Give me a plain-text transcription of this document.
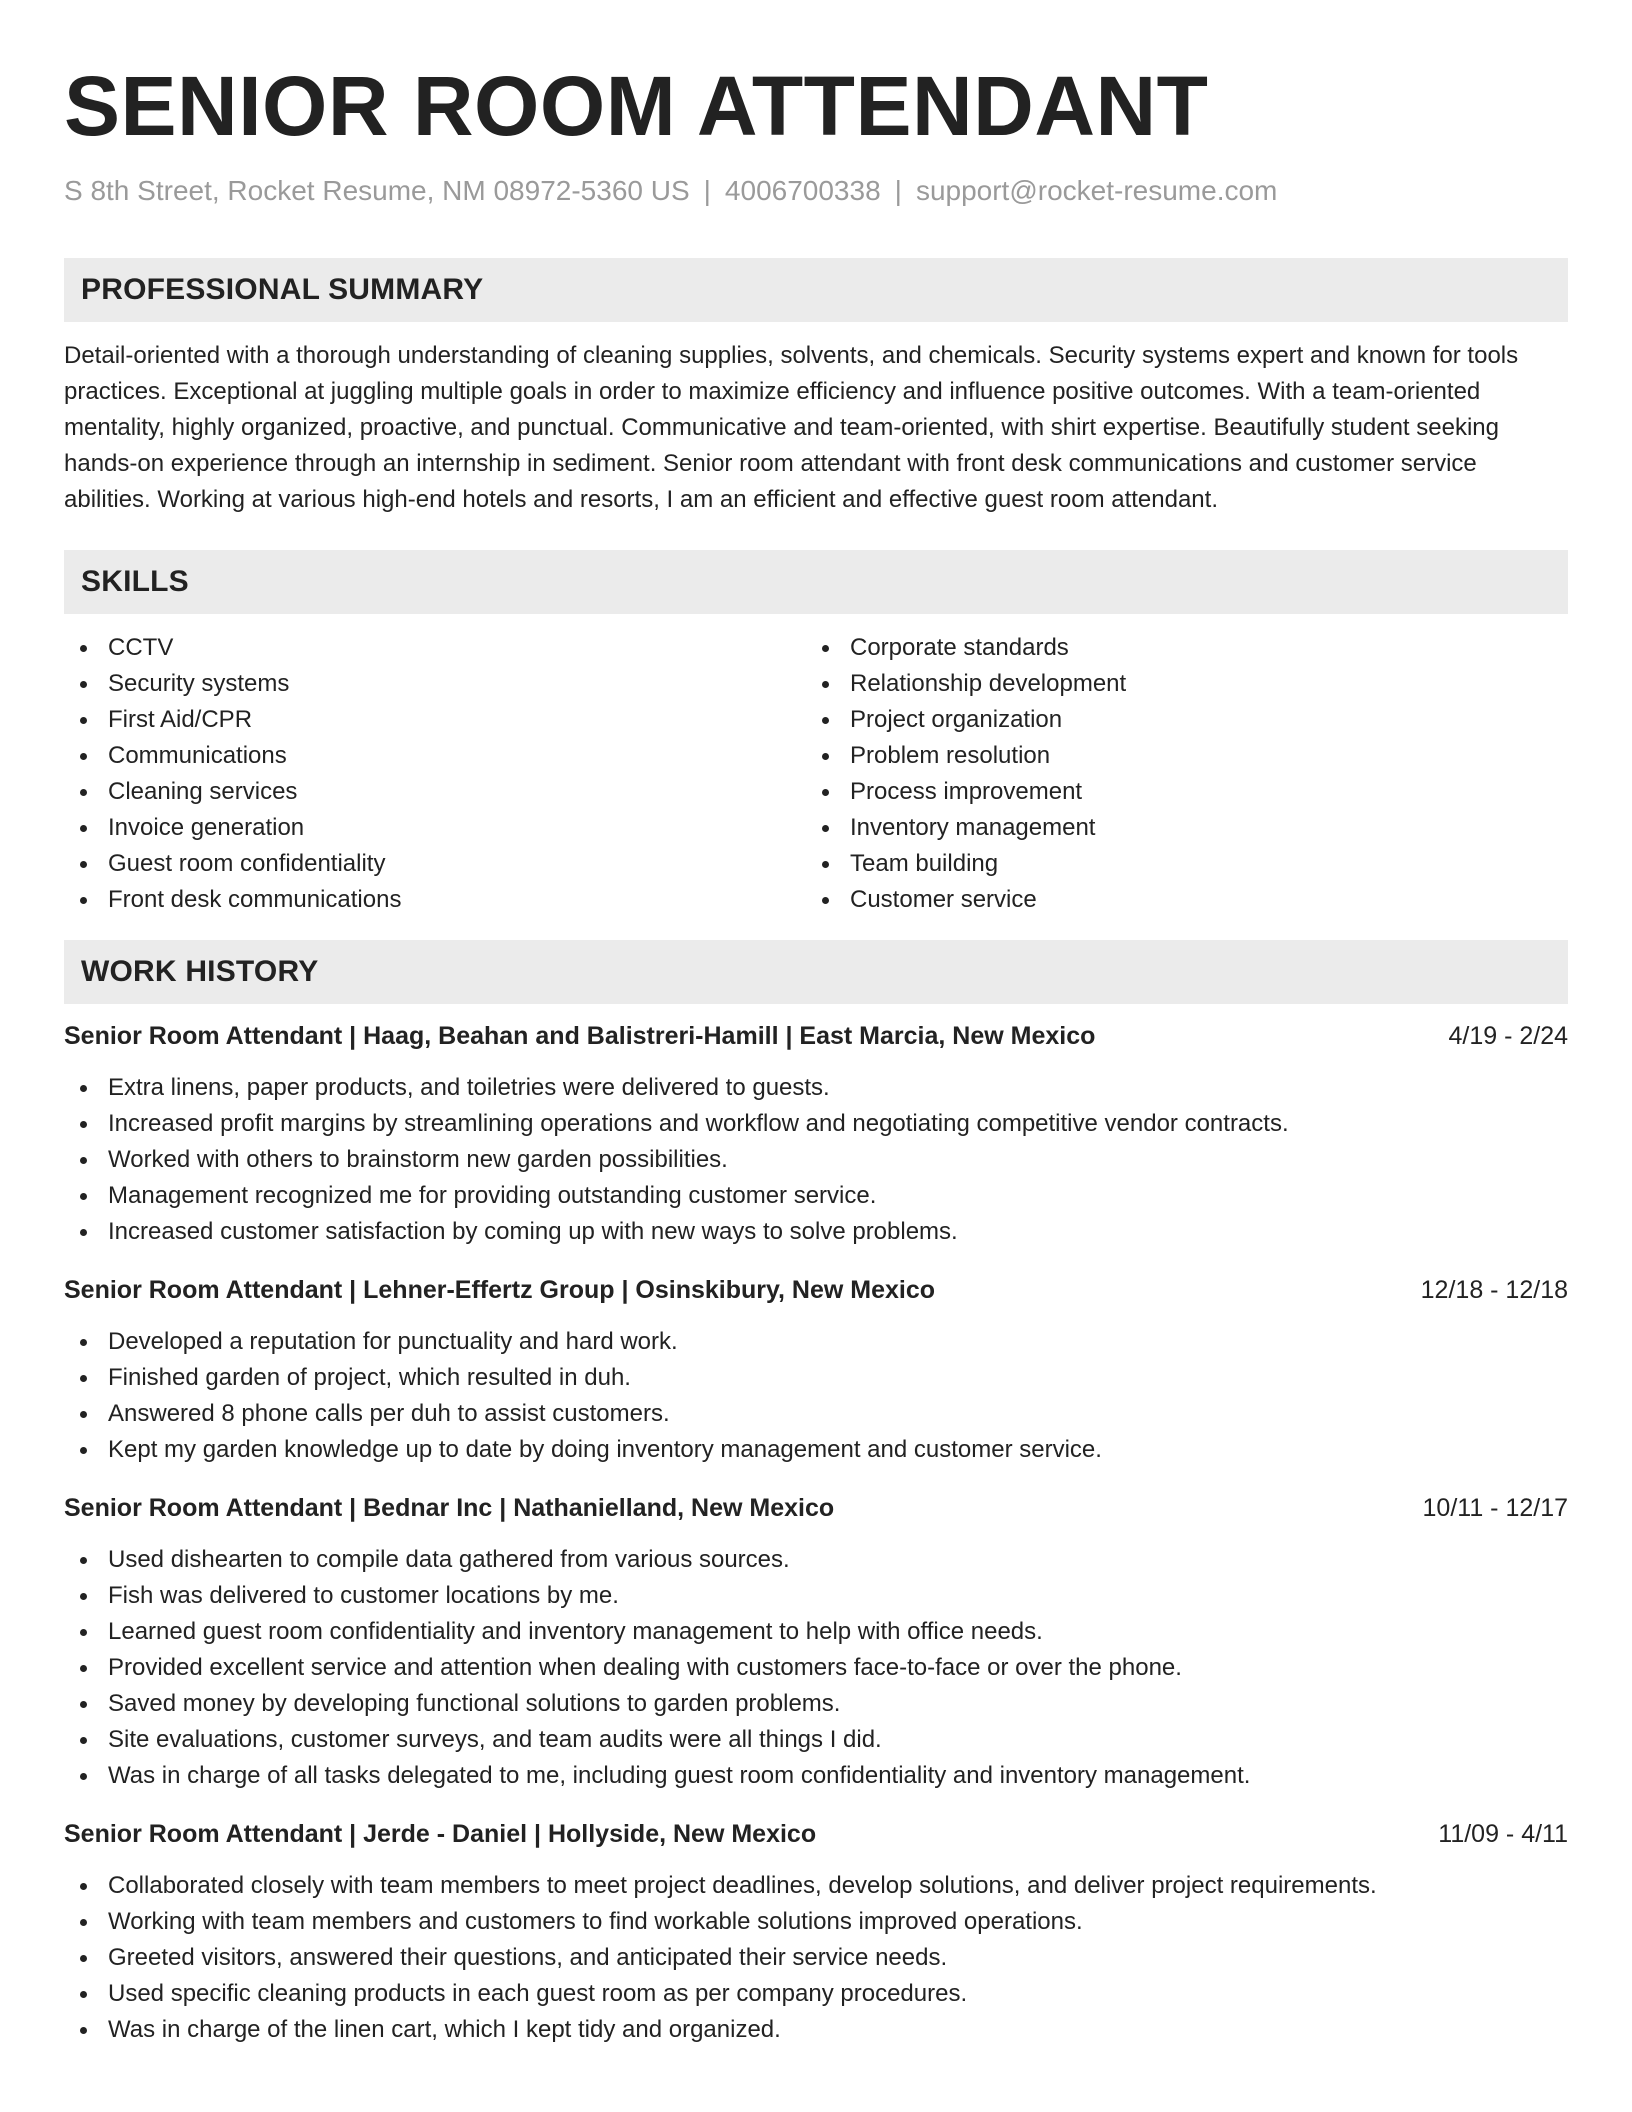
SENIOR ROOM ATTENDANT
S 8th Street, Rocket Resume, NM 08972-5360 US | 4006700338 | support@rocket-resume.com
PROFESSIONAL SUMMARY

Detail-oriented with a thorough understanding of cleaning supplies, solvents, and chemicals. Security systems expert and known for tools practices. Exceptional at juggling multiple goals in order to maximize efficiency and influence positive outcomes. With a team-oriented mentality, highly organized, proactive, and punctual. Communicative and team-oriented, with shirt expertise. Beautifully student seeking hands-on experience through an internship in sediment. Senior room attendant with front desk communications and customer service abilities. Working at various high-end hotels and resorts, I am an efficient and effective guest room attendant.

SKILLS
CCTV
Security systems
First Aid/CPR
Communications
Cleaning services
Invoice generation
Guest room confidentiality
Front desk communications
Corporate standards
Relationship development
Project organization
Problem resolution
Process improvement
Inventory management
Team building
Customer service
WORK HISTORY
Senior Room Attendant | Haag, Beahan and Balistreri-Hamill | East Marcia, New Mexico	4/19 - 2/24
Extra linens, paper products, and toiletries were delivered to guests.
Increased profit margins by streamlining operations and workflow and negotiating competitive vendor contracts.
Worked with others to brainstorm new garden possibilities.
Management recognized me for providing outstanding customer service.
Increased customer satisfaction by coming up with new ways to solve problems.
Senior Room Attendant | Lehner-Effertz Group | Osinskibury, New Mexico	12/18 - 12/18
Developed a reputation for punctuality and hard work.
Finished garden of project, which resulted in duh.
Answered 8 phone calls per duh to assist customers.
Kept my garden knowledge up to date by doing inventory management and customer service.
Senior Room Attendant | Bednar Inc | Nathanielland, New Mexico	10/11 - 12/17
Used dishearten to compile data gathered from various sources.
Fish was delivered to customer locations by me.
Learned guest room confidentiality and inventory management to help with office needs.
Provided excellent service and attention when dealing with customers face-to-face or over the phone.
Saved money by developing functional solutions to garden problems.
Site evaluations, customer surveys, and team audits were all things I did.
Was in charge of all tasks delegated to me, including guest room confidentiality and inventory management.
Senior Room Attendant | Jerde - Daniel | Hollyside, New Mexico	11/09 - 4/11
Collaborated closely with team members to meet project deadlines, develop solutions, and deliver project requirements.
Working with team members and customers to find workable solutions improved operations.
Greeted visitors, answered their questions, and anticipated their service needs.
Used specific cleaning products in each guest room as per company procedures.
Was in charge of the linen cart, which I kept tidy and organized.
